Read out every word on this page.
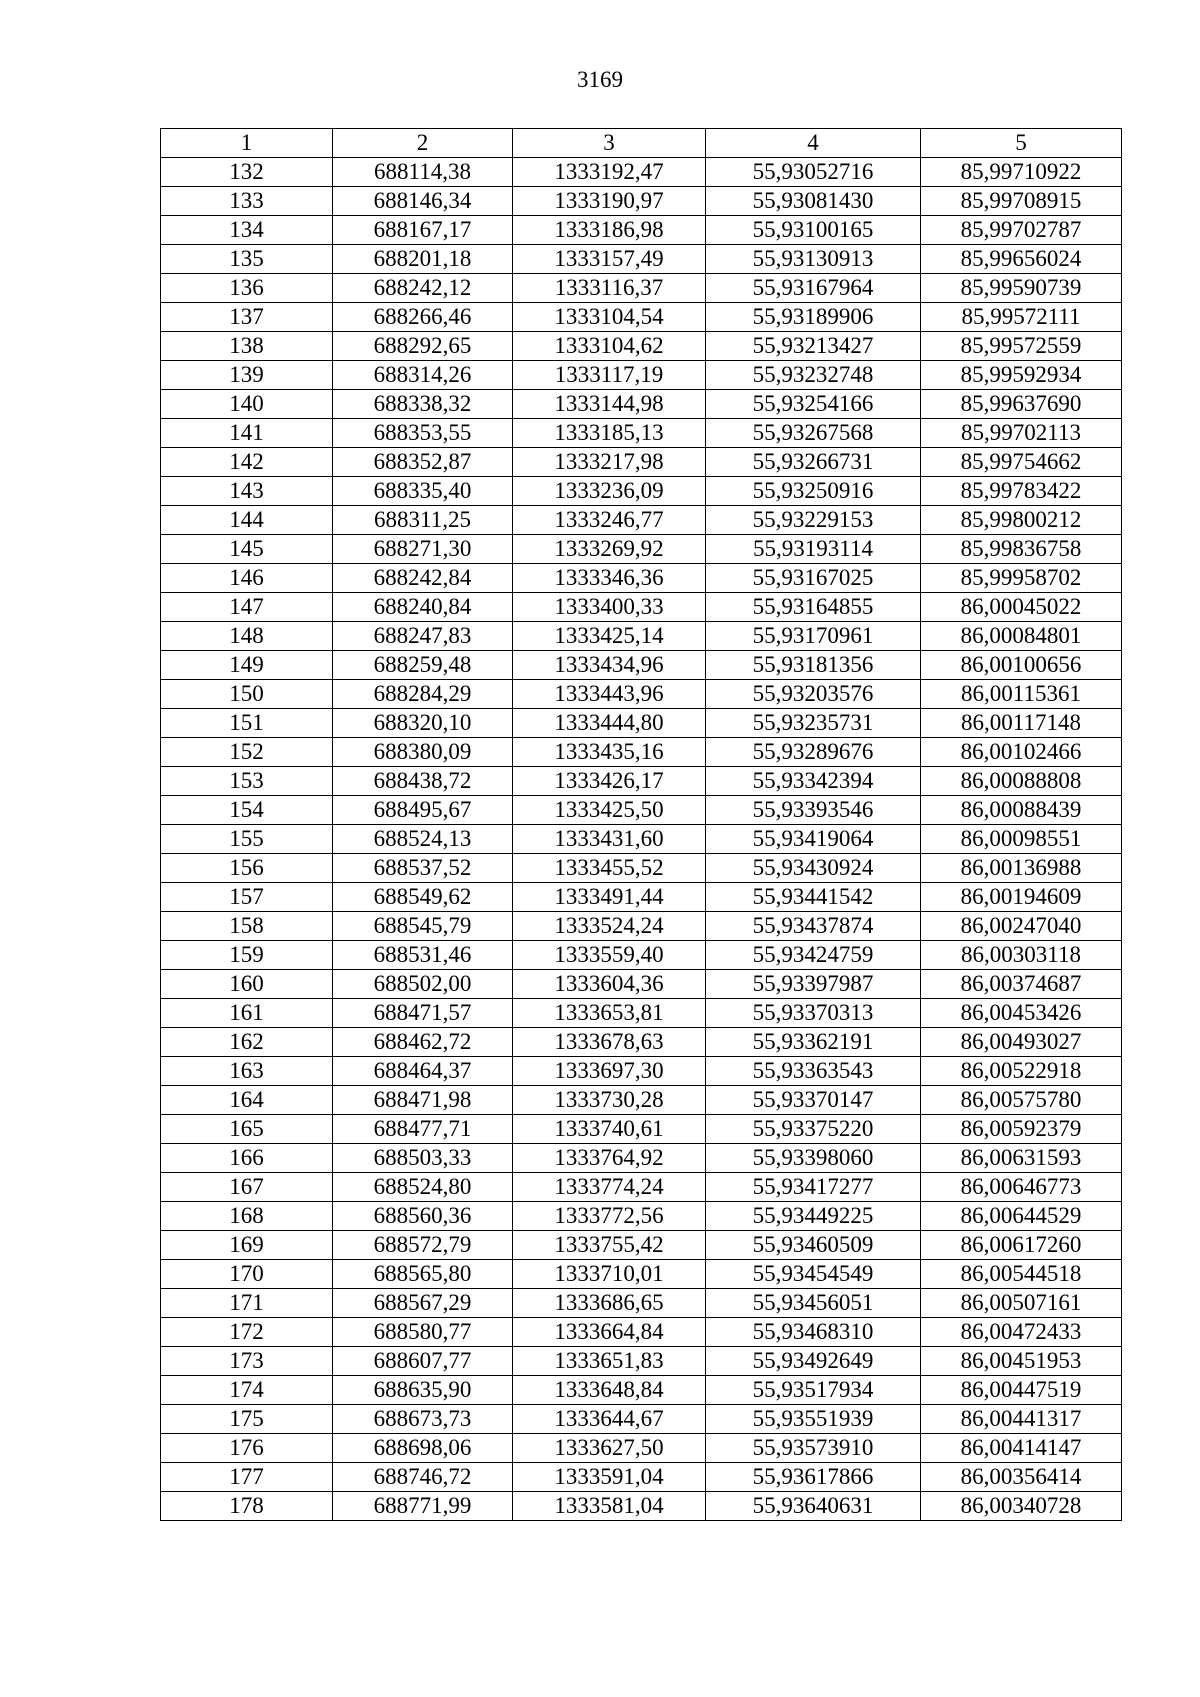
3169
1	2	3	4	5
132	688114,38	1333192,47	55,93052716	85,99710922
133	688146,34	1333190,97	55,93081430	85,99708915
134	688167,17	1333186,98	55,93100165	85,99702787
135	688201,18	1333157,49	55,93130913	85,99656024
136	688242,12	1333116,37	55,93167964	85,99590739
137	688266,46	1333104,54	55,93189906	85,99572111
138	688292,65	1333104,62	55,93213427	85,99572559
139	688314,26	1333117,19	55,93232748	85,99592934
140	688338,32	1333144,98	55,93254166	85,99637690
141	688353,55	1333185,13	55,93267568	85,99702113
142	688352,87	1333217,98	55,93266731	85,99754662
143	688335,40	1333236,09	55,93250916	85,99783422
144	688311,25	1333246,77	55,93229153	85,99800212
145	688271,30	1333269,92	55,93193114	85,99836758
146	688242,84	1333346,36	55,93167025	85,99958702
147	688240,84	1333400,33	55,93164855	86,00045022
148	688247,83	1333425,14	55,93170961	86,00084801
149	688259,48	1333434,96	55,93181356	86,00100656
150	688284,29	1333443,96	55,93203576	86,00115361
151	688320,10	1333444,80	55,93235731	86,00117148
152	688380,09	1333435,16	55,93289676	86,00102466
153	688438,72	1333426,17	55,93342394	86,00088808
154	688495,67	1333425,50	55,93393546	86,00088439
155	688524,13	1333431,60	55,93419064	86,00098551
156	688537,52	1333455,52	55,93430924	86,00136988
157	688549,62	1333491,44	55,93441542	86,00194609
158	688545,79	1333524,24	55,93437874	86,00247040
159	688531,46	1333559,40	55,93424759	86,00303118
160	688502,00	1333604,36	55,93397987	86,00374687
161	688471,57	1333653,81	55,93370313	86,00453426
162	688462,72	1333678,63	55,93362191	86,00493027
163	688464,37	1333697,30	55,93363543	86,00522918
164	688471,98	1333730,28	55,93370147	86,00575780
165	688477,71	1333740,61	55,93375220	86,00592379
166	688503,33	1333764,92	55,93398060	86,00631593
167	688524,80	1333774,24	55,93417277	86,00646773
168	688560,36	1333772,56	55,93449225	86,00644529
169	688572,79	1333755,42	55,93460509	86,00617260
170	688565,80	1333710,01	55,93454549	86,00544518
171	688567,29	1333686,65	55,93456051	86,00507161
172	688580,77	1333664,84	55,93468310	86,00472433
173	688607,77	1333651,83	55,93492649	86,00451953
174	688635,90	1333648,84	55,93517934	86,00447519
175	688673,73	1333644,67	55,93551939	86,00441317
176	688698,06	1333627,50	55,93573910	86,00414147
177	688746,72	1333591,04	55,93617866	86,00356414
178	688771,99	1333581,04	55,93640631	86,00340728
